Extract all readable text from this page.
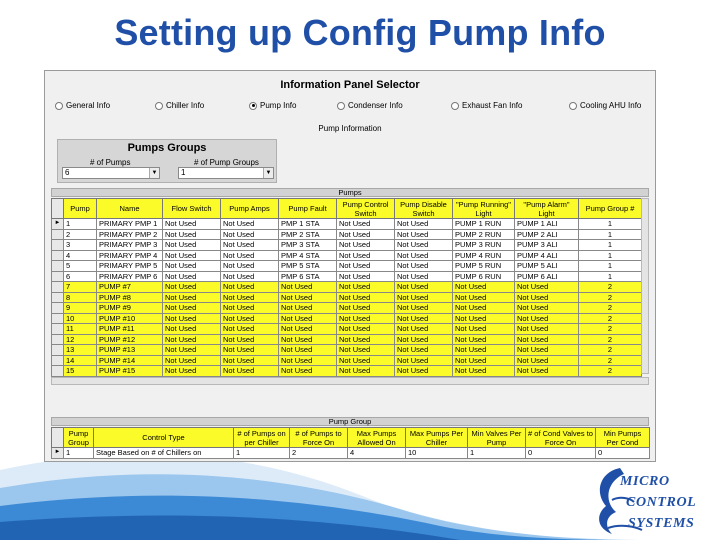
Setting up Config Pump Info
Information Panel Selector
General Info	Chiller Info	Pump Info	Condenser Info	Exhaust Fan Info	Cooling AHU Info
Pump Information
Pumps Groups
# of Pumps	# of Pump Groups
6	▼	1	▼
Pumps
	Pump	Name	Flow Switch	Pump Amps	Pump Fault	Pump Control Switch	Pump Disable Switch	"Pump Running" Light	"Pump Alarm" Light	Pump Group #
►	1	PRIMARY PMP 1	Not Used	Not Used	PMP 1 STA	Not Used	Not Used	PUMP 1 RUN	PUMP 1 ALI	1
	2	PRIMARY PMP 2	Not Used	Not Used	PMP 2 STA	Not Used	Not Used	PUMP 2 RUN	PUMP 2 ALI	1
	3	PRIMARY PMP 3	Not Used	Not Used	PMP 3 STA	Not Used	Not Used	PUMP 3 RUN	PUMP 3 ALI	1
	4	PRIMARY PMP 4	Not Used	Not Used	PMP 4 STA	Not Used	Not Used	PUMP 4 RUN	PUMP 4 ALI	1
	5	PRIMARY PMP 5	Not Used	Not Used	PMP 5 STA	Not Used	Not Used	PUMP 5 RUN	PUMP 5 ALI	1
	6	PRIMARY PMP 6	Not Used	Not Used	PMP 6 STA	Not Used	Not Used	PUMP 6 RUN	PUMP 6 ALI	1
	7	PUMP #7	Not Used	Not Used	Not Used	Not Used	Not Used	Not Used	Not Used	2
	8	PUMP #8	Not Used	Not Used	Not Used	Not Used	Not Used	Not Used	Not Used	2
	9	PUMP #9	Not Used	Not Used	Not Used	Not Used	Not Used	Not Used	Not Used	2
	10	PUMP #10	Not Used	Not Used	Not Used	Not Used	Not Used	Not Used	Not Used	2
	11	PUMP #11	Not Used	Not Used	Not Used	Not Used	Not Used	Not Used	Not Used	2
	12	PUMP #12	Not Used	Not Used	Not Used	Not Used	Not Used	Not Used	Not Used	2
	13	PUMP #13	Not Used	Not Used	Not Used	Not Used	Not Used	Not Used	Not Used	2
	14	PUMP #14	Not Used	Not Used	Not Used	Not Used	Not Used	Not Used	Not Used	2
	15	PUMP #15	Not Used	Not Used	Not Used	Not Used	Not Used	Not Used	Not Used	2
Pump Group
	Pump Group	Control Type	# of Pumps on per Chiller	# of Pumps to Force On	Max Pumps Allowed On	Max Pumps Per Chiller	Min Valves Per Pump	# of Cond Valves to Force On	Min Pumps Per Cond
►	1	Stage Based on # of Chillers on	1	2	4	10	1	0	0
MICRO
CONTROL
SYSTEMS
